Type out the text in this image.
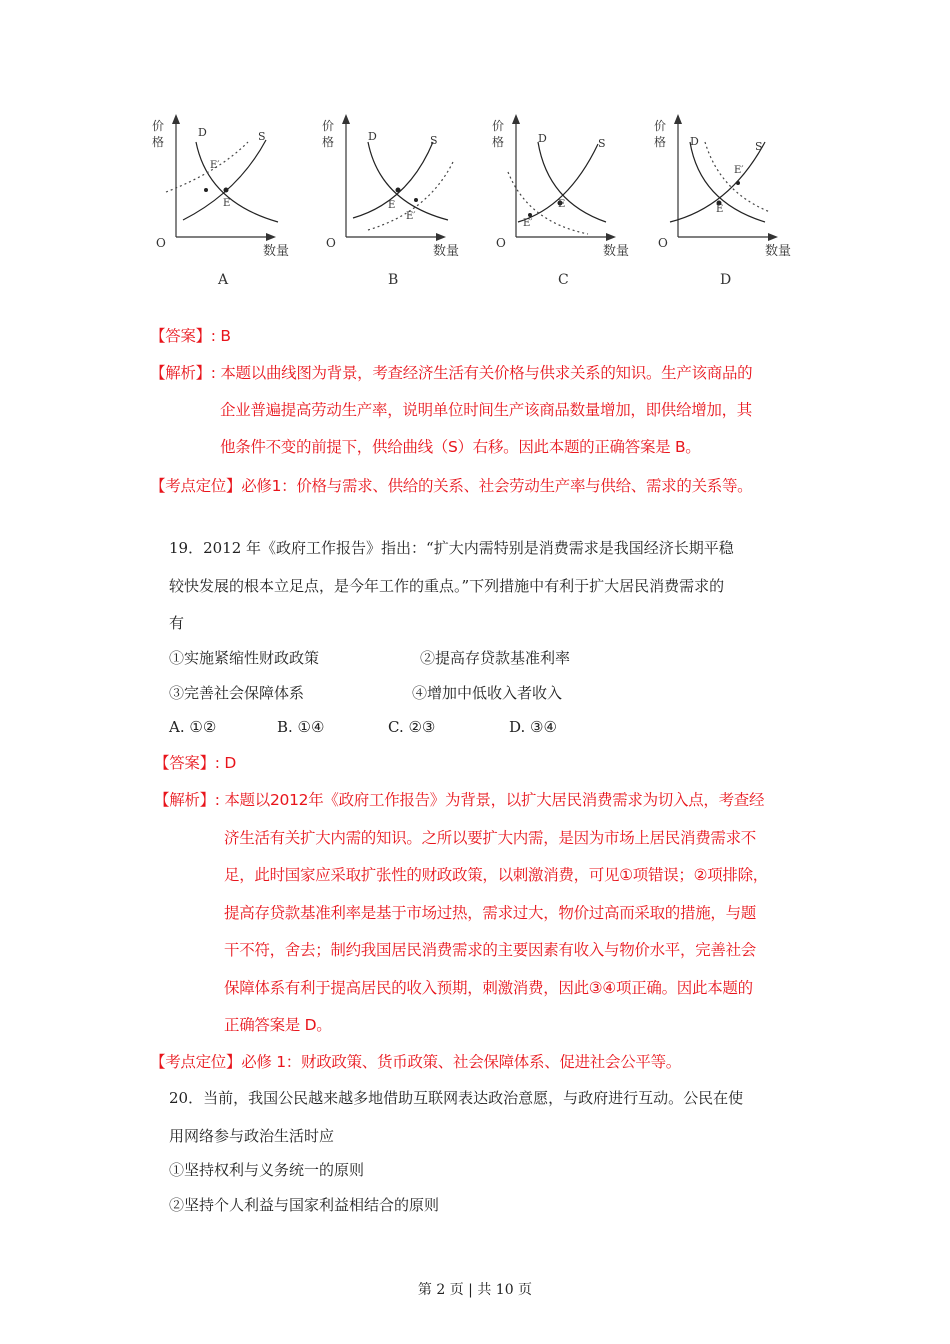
价
格
O
数量
D	S
E
E′
A
价
格
O
数量
D	S
E
E′
B
价
格
O
数量
D	S
E
E′
C
价
格
O
数量
D	S
E
E′
D
【答案】: B
【解析】: 本题以曲线图为背景，考查经济生活有关价格与供求关系的知识。生产该商品的
企业普遍提高劳动生产率，说明单位时间生产该商品数量增加，即供给增加，其
他条件不变的前提下，供给曲线（S）右移。因此本题的正确答案是 B。
【考点定位】必修1：价格与需求、供给的关系、社会劳动生产率与供给、需求的关系等。
19．2012 年《政府工作报告》指出：“扩大内需特别是消费需求是我国经济长期平稳
较快发展的根本立足点，是今年工作的重点。”下列措施中有利于扩大居民消费需求的
有
①实施紧缩性财政政策	②提高存贷款基准利率
③完善社会保障体系	④增加中低收入者收入
A. ①②	B. ①④	C. ②③	D. ③④
【答案】: D
【解析】: 本题以2012年《政府工作报告》为背景，以扩大居民消费需求为切入点，考查经
济生活有关扩大内需的知识。之所以要扩大内需，是因为市场上居民消费需求不
足，此时国家应采取扩张性的财政政策，以刺激消费，可见①项错误；②项排除，
提高存贷款基准利率是基于市场过热，需求过大，物价过高而采取的措施，与题
干不符，舍去；制约我国居民消费需求的主要因素有收入与物价水平，完善社会
保障体系有利于提高居民的收入预期，刺激消费，因此③④项正确。因此本题的
正确答案是 D。
【考点定位】必修 1：财政政策、货币政策、社会保障体系、促进社会公平等。
20．当前，我国公民越来越多地借助互联网表达政治意愿，与政府进行互动。公民在使
用网络参与政治生活时应
①坚持权利与义务统一的原则
②坚持个人利益与国家利益相结合的原则
第 2 页 | 共 10 页
